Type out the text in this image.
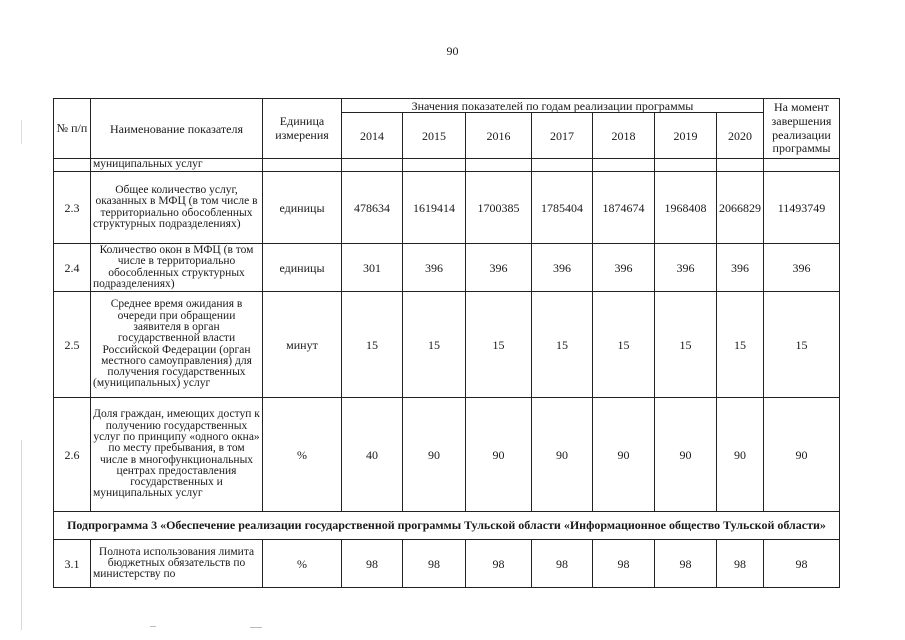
90
№ п/п	Наименование показателя	Единица измерения	Значения показателей по годам реализации программы							На момент завершения реализации программы
			2014	2015	2016	2017	2018	2019	2020	
	муниципальных услуг									
2.3	Общее количество услуг, оказанных в МФЦ (в том числе в территориально обособленных структурных подразделениях)	единицы	478634	1619414	1700385	1785404	1874674	1968408	2066829	11493749
2.4	Количество окон в МФЦ (в том числе в территориально обособленных структурных подразделениях)	единицы	301	396	396	396	396	396	396	396
2.5	Среднее время ожидания в очереди при обращении заявителя в орган государственной власти Российской Федерации (орган местного самоуправления) для получения государственных (муниципальных) услуг	минут	15	15	15	15	15	15	15	15
2.6	Доля граждан, имеющих доступ к получению государственных услуг по принципу «одного окна» по месту пребывания, в том числе в многофункциональных центрах предоставления государственных и муниципальных услуг	%	40	90	90	90	90	90	90	90
Подпрограмма 3 «Обеспечение реализации государственной программы Тульской области «Информационное общество Тульской области»										
3.1	Полнота использования лимита бюджетных обязательств по министерству по	%	98	98	98	98	98	98	98	98
